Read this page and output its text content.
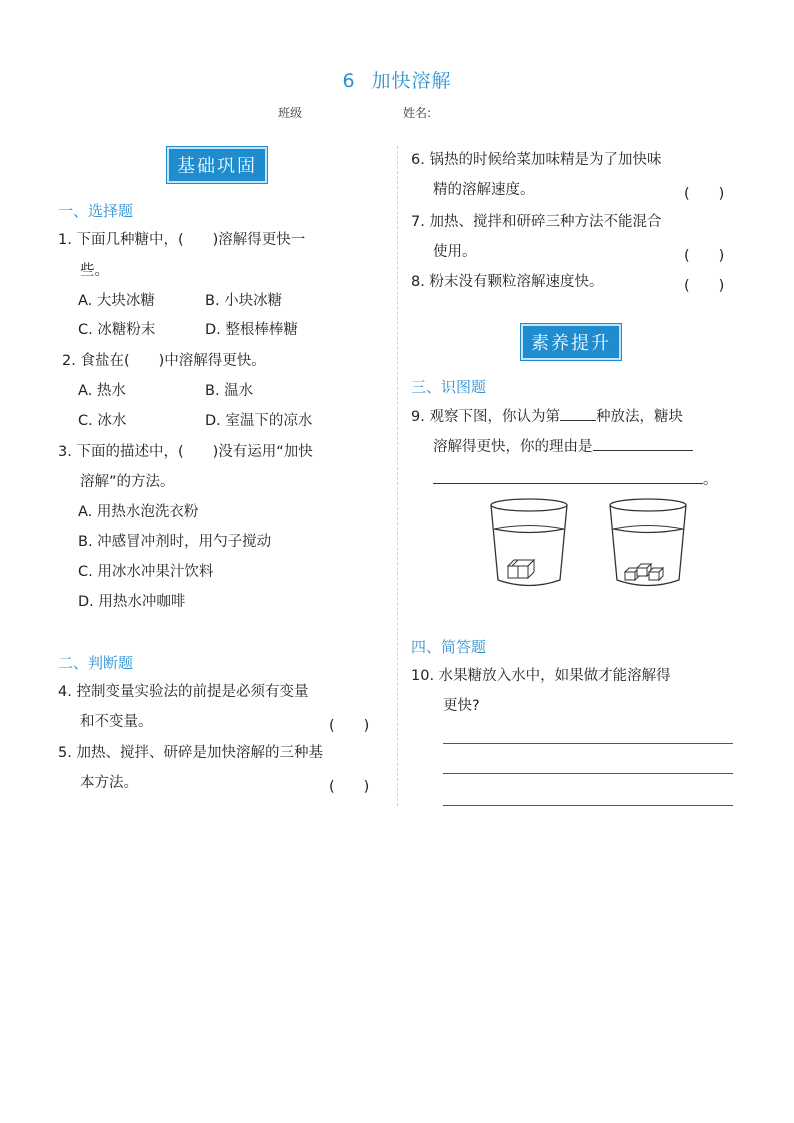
6 加快溶解
班级	姓名:
基础巩固
一、选择题
1. 下面几种糖中，(　　)溶解得更快一
些。
A. 大块冰糖	B. 小块冰糖
C. 冰糖粉末	D. 整根棒棒糖
2. 食盐在(　　)中溶解得更快。
A. 热水	B. 温水
C. 冰水	D. 室温下的凉水
3. 下面的描述中，(　　)没有运用“加快
溶解”的方法。
A. 用热水泡洗衣粉
B. 冲感冒冲剂时，用勺子搅动
C. 用冰水冲果汁饮料
D. 用热水冲咖啡
二、判断题
4. 控制变量实验法的前提是必须有变量
和不变量。	(　　)
5. 加热、搅拌、研碎是加快溶解的三种基
本方法。	(　　)
6. 锅热的时候给菜加味精是为了加快味
精的溶解速度。	(　　)
7. 加热、搅拌和研碎三种方法不能混合
使用。	(　　)
8. 粉末没有颗粒溶解速度快。	(　　)
素养提升
三、识图题
9. 观察下图，你认为第 种放法，糖块
溶解得更快，你的理由是
。
四、简答题
10. 水果糖放入水中，如果做才能溶解得
更快?
